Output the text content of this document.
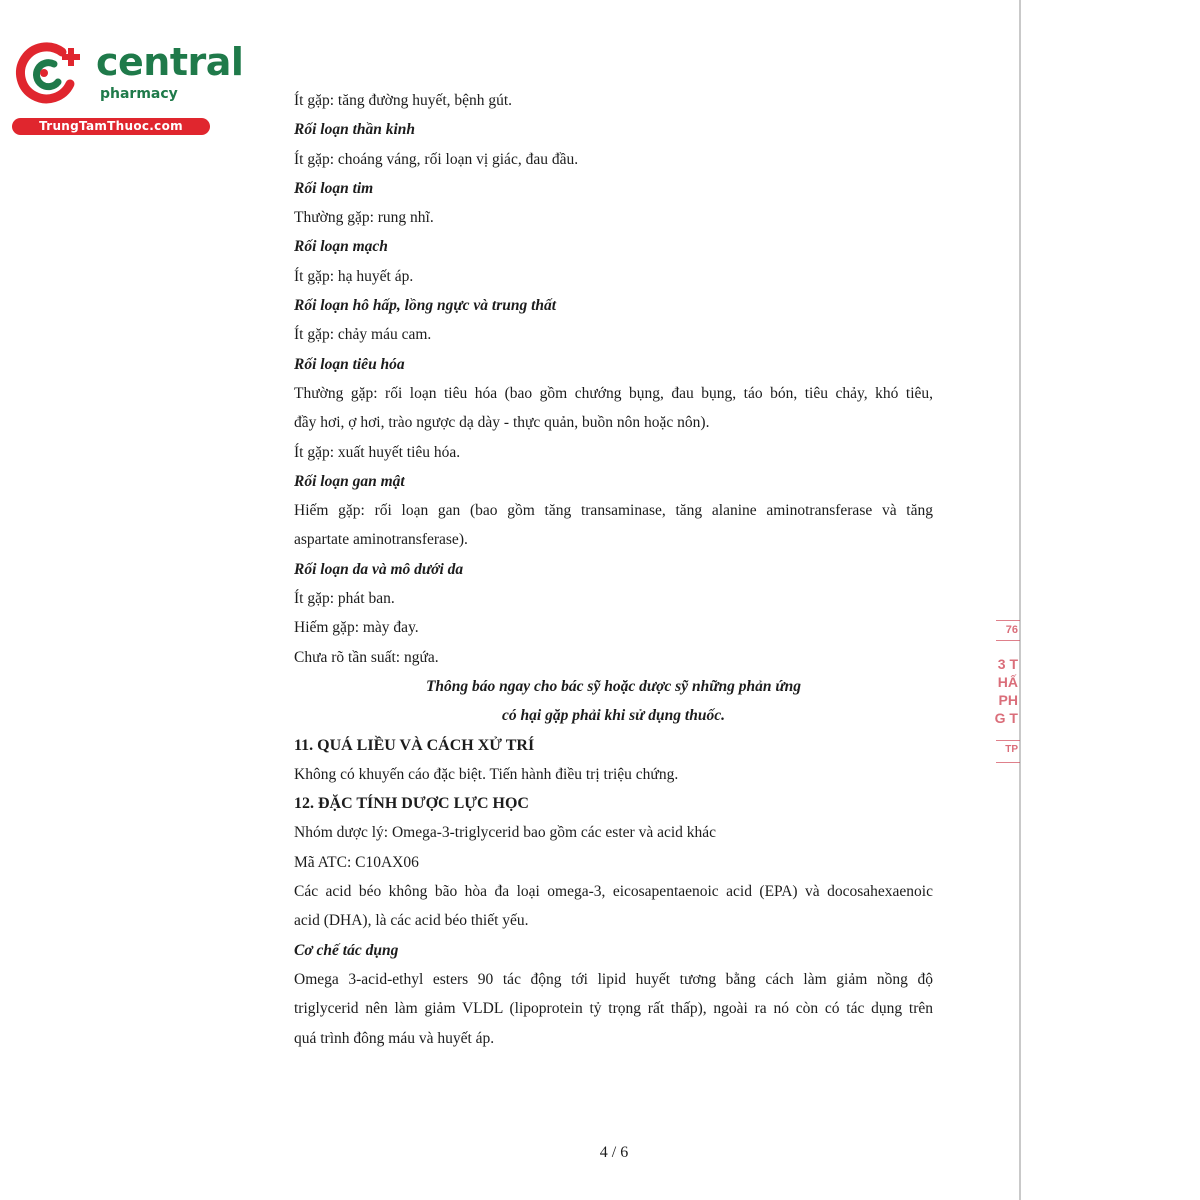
central
pharmacy
TrungTamThuoc.com
76
3 T
HẤ
PH
G T
TP
Ít gặp: tăng đường huyết, bệnh gút.
Rối loạn thần kinh
Ít gặp: choáng váng, rối loạn vị giác, đau đầu.
Rối loạn tim
Thường gặp: rung nhĩ.
Rối loạn mạch
Ít gặp: hạ huyết áp.
Rối loạn hô hấp, lồng ngực và trung thất
Ít gặp: chảy máu cam.
Rối loạn tiêu hóa
Thường gặp: rối loạn tiêu hóa (bao gồm chướng bụng, đau bụng, táo bón, tiêu chảy, khó tiêu,
đầy hơi, ợ hơi, trào ngược dạ dày - thực quản, buồn nôn hoặc nôn).
Ít gặp: xuất huyết tiêu hóa.
Rối loạn gan mật
Hiếm gặp: rối loạn gan (bao gồm tăng transaminase, tăng alanine aminotransferase và tăng
aspartate aminotransferase).
Rối loạn da và mô dưới da
Ít gặp: phát ban.
Hiếm gặp: mày đay.
Chưa rõ tần suất: ngứa.
Thông báo ngay cho bác sỹ hoặc dược sỹ những phản ứng
có hại gặp phải khi sử dụng thuốc.
11. QUÁ LIỀU VÀ CÁCH XỬ TRÍ
Không có khuyến cáo đặc biệt. Tiến hành điều trị triệu chứng.
12. ĐẶC TÍNH DƯỢC LỰC HỌC
Nhóm dược lý: Omega-3-triglycerid bao gồm các ester và acid khác
Mã ATC: C10AX06
Các acid béo không bão hòa đa loại omega-3, eicosapentaenoic acid (EPA) và docosahexaenoic
acid (DHA), là các acid béo thiết yếu.
Cơ chế tác dụng
Omega 3-acid-ethyl esters 90 tác động tới lipid huyết tương bằng cách làm giảm nồng độ
triglycerid nên làm giảm VLDL (lipoprotein tỷ trọng rất thấp), ngoài ra nó còn có tác dụng trên
quá trình đông máu và huyết áp.
4 / 6
